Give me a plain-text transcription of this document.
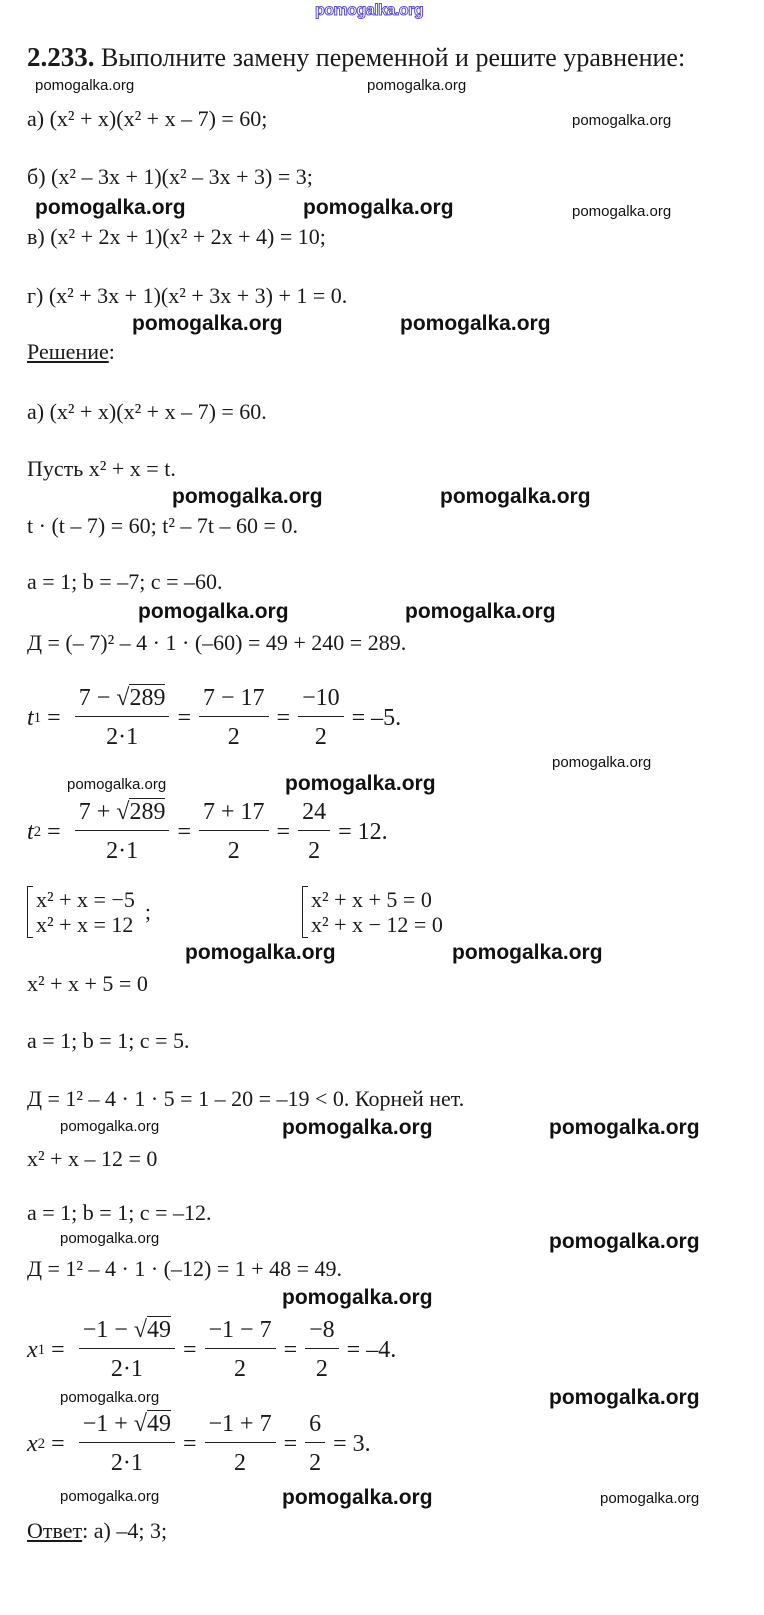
pomogalka.org
2.233. Выполните замену переменной и решите уравнение:
а) (x² + x)(x² + x – 7) = 60;
б) (x² – 3x + 1)(x² – 3x + 3) = 3;
в) (x² + 2x + 1)(x² + 2x + 4) = 10;
г) (x² + 3x + 1)(x² + 3x + 3) + 1 = 0.
Решение:
а) (x² + x)(x² + x – 7) = 60.
Пусть x² + x = t.
t · (t – 7) = 60; t² – 7t – 60 = 0.
a = 1; b = –7; c = –60.
Д = (– 7)² – 4 · 1 · (–60) = 49 + 240 = 289.
t $1 = \frac{7 - √289}{2\cdot 1} = \frac{7 - 17}{2} = \frac{-10}{2} = -5$.
t $2 = \frac{7 + √289}{2\cdot 1} = \frac{7 + 17}{2} = \frac{24}{2} = 12$.
x² + x = −5
x² + x = 12
;	x² + x + 5 = 0
x² + x − 12 = 0
x² + x + 5 = 0
a = 1; b = 1; c = 5.
Д = 1² – 4 · 1 · 5 = 1 – 20 = –19 < 0. Корней нет.
x² + x – 12 = 0
a = 1; b = 1; c = –12.
Д = 1² – 4 · 1 · (–12) = 1 + 48 = 49.
x $1 = \frac{-1 - √49}{2\cdot 1} = \frac{-1 - 7}{2} = \frac{-8}{2} = -4$.
x $2 = \frac{-1 + √49}{2\cdot 1} = \frac{-1 + 7}{2} = \frac{6}{2} = 3$.
Ответ: а) –4; 3;
pomogalka.org	pomogalka.org
pomogalka.org
pomogalka.org	pomogalka.org	pomogalka.org
pomogalka.org	pomogalka.org
pomogalka.org	pomogalka.org
pomogalka.org	pomogalka.org
pomogalka.org
pomogalka.org	pomogalka.org
pomogalka.org	pomogalka.org
pomogalka.org	pomogalka.org	pomogalka.org
pomogalka.org	pomogalka.org
pomogalka.org
pomogalka.org
pomogalka.org
pomogalka.org	pomogalka.org	pomogalka.org
